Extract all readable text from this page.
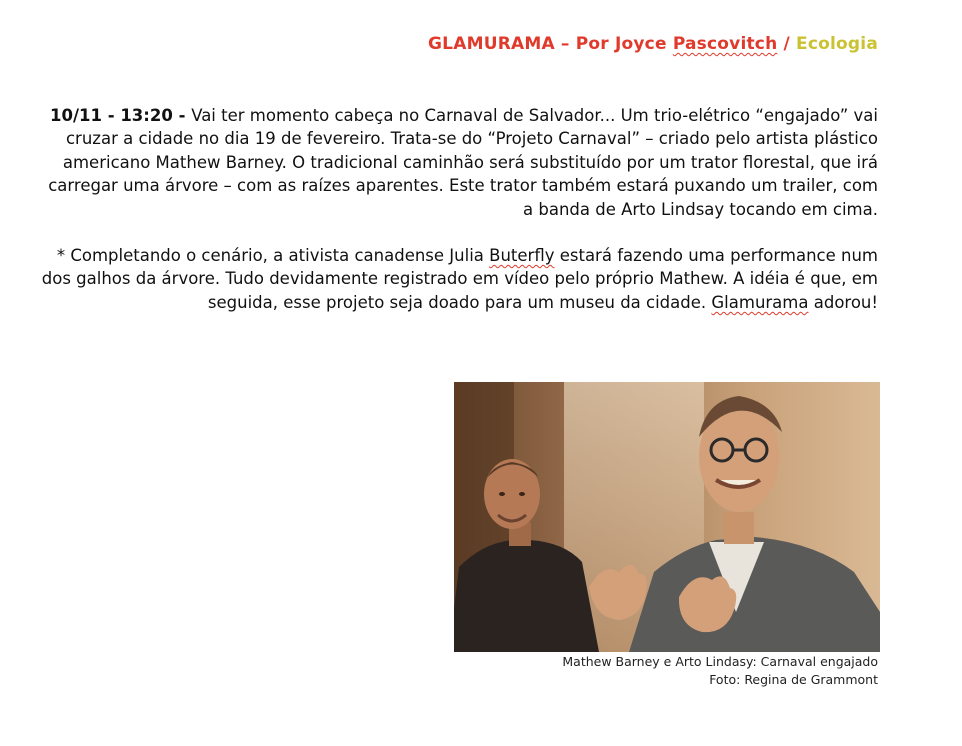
GLAMURAMA – Por Joyce Pascovitch / Ecologia

10/11 - 13:20 - Vai ter momento cabeça no Carnaval de Salvador... Um trio-elétrico “engajado” vai cruzar a cidade no dia 19 de fevereiro. Trata-se do “Projeto Carnaval” – criado pelo artista plástico americano Mathew Barney. O tradicional caminhão será substituído por um trator florestal, que irá carregar uma árvore – com as raízes aparentes. Este trator também estará puxando um trailer, com a banda de Arto Lindsay tocando em cima.

* Completando o cenário, a ativista canadense Julia Buterfly estará fazendo uma performance num dos galhos da árvore. Tudo devidamente registrado em vídeo pelo próprio Mathew. A idéia é que, em seguida, esse projeto seja doado para um museu da cidade. Glamurama adorou!

Mathew Barney e Arto Lindasy: Carnaval engajado
Foto: Regina de Grammont
